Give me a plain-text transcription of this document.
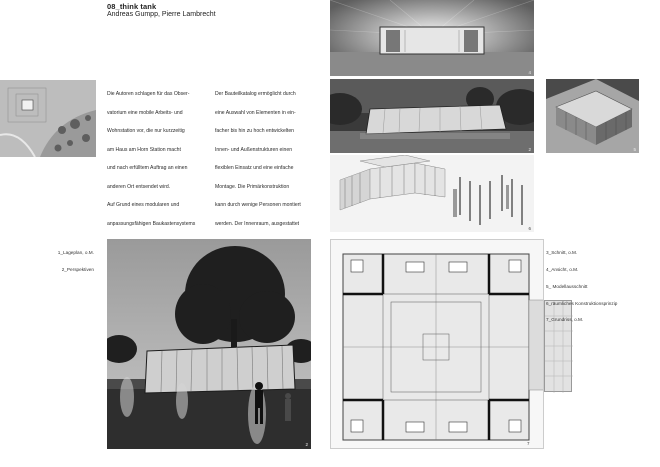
08_think tank
Andreas Gumpp, Pierre Lambrecht

Die Autoren schlagen für das Obser-

vatorium eine mobile Arbeits- und

Wohnstation vor, die nur kurzzeitig

am Haus am Horn Station macht

und nach erfülltem Auftrag an einen

anderen Ort entsendet wird.

Auf Grund eines modularen und

anpassungsfähigen Baukastensystems

Der Bauteilkatalog ermöglicht durch

eine Auswahl von Elementen in ein-

facher bis hin zu hoch entwickelten

Innen- und Außenstrukturen einen

flexiblen Einsatz und eine einfache

Montage. Die Primärkonstruktion

kann durch wenige Personen montiert

werden. Der Innenraum, ausgestattet

4
2	5
6

1_Lageplan, o.M.

2_Perspektiven

2	7

3_Schnitt, o.M.

4_Ansicht, o.M.

5_ Modellausschnitt

6_räumliches Konstruktionsprinzip

7_Grundriss, o.M.
